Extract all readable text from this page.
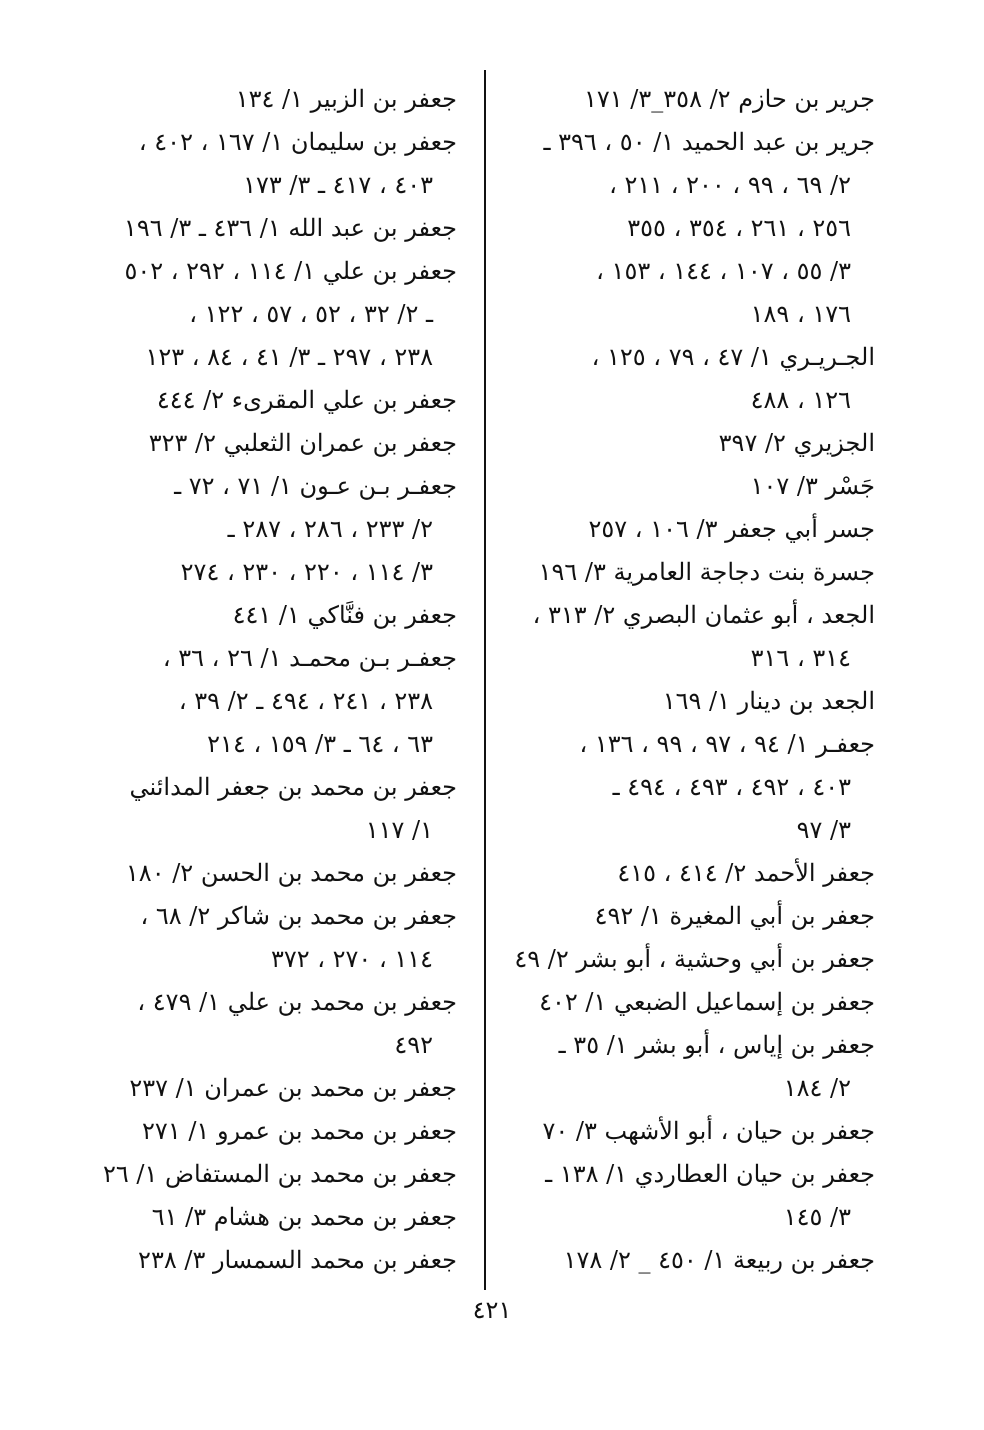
جرير بن حازم ٢/ ٣٥٨_٣/ ١٧١
جرير بن عبد الحميد ١/ ٥٠ ، ٣٩٦ ـ
٢/ ٦٩ ، ٩٩ ، ٢٠٠ ، ٢١١ ،
٢٥٦ ، ٢٦١ ، ٣٥٤ ، ٣٥٥
٣/ ٥٥ ، ١٠٧ ، ١٤٤ ، ١٥٣ ،
١٧٦ ، ١٨٩
الجـريـري ١/ ٤٧ ، ٧٩ ، ١٢٥ ،
١٢٦ ، ٤٨٨
الجزيري ٢/ ٣٩٧
جَسْر ٣/ ١٠٧
جسر أبي جعفر ٣/ ١٠٦ ، ٢٥٧
جسرة بنت دجاجة العامرية ٣/ ١٩٦
الجعد ، أبو عثمان البصري ٢/ ٣١٣ ،
٣١٤ ، ٣١٦
الجعد بن دينار ١/ ١٦٩
جعفـر ١/ ٩٤ ، ٩٧ ، ٩٩ ، ١٣٦ ،
٤٠٣ ، ٤٩٢ ، ٤٩٣ ، ٤٩٤ ـ
٣/ ٩٧
جعفر الأحمد ٢/ ٤١٤ ، ٤١٥
جعفر بن أبي المغيرة ١/ ٤٩٢
جعفر بن أبي وحشية ، أبو بشر ٢/ ٤٩
جعفر بن إسماعيل الضبعي ١/ ٤٠٢
جعفر بن إياس ، أبو بشر ١/ ٣٥ ـ
٢/ ١٨٤
جعفر بن حيان ، أبو الأشهب ٣/ ٧٠
جعفر بن حيان العطاردي ١/ ١٣٨ ـ
٣/ ١٤٥
جعفر بن ربيعة ١/ ٤٥٠ _ ٢/ ١٧٨
جعفر بن الزبير ١/ ١٣٤
جعفر بن سليمان ١/ ١٦٧ ، ٤٠٢ ،
٤٠٣ ، ٤١٧ ـ ٣/ ١٧٣
جعفر بن عبد الله ١/ ٤٣٦ ـ ٣/ ١٩٦
جعفر بن علي ١/ ١١٤ ، ٢٩٢ ، ٥٠٢
ـ ٢/ ٣٢ ، ٥٢ ، ٥٧ ، ١٢٢ ،
٢٣٨ ، ٢٩٧ ـ ٣/ ٤١ ، ٨٤ ، ١٢٣
جعفر بن علي المقرىء ٢/ ٤٤٤
جعفر بن عمران الثعلبي ٢/ ٣٢٣
جعفـر بـن عـون ١/ ٧١ ، ٧٢ ـ
٢/ ٢٣٣ ، ٢٨٦ ، ٢٨٧ ـ
٣/ ١١٤ ، ٢٢٠ ، ٢٣٠ ، ٢٧٤
جعفر بن فنَّاكي ١/ ٤٤١
جعفـر بـن محمـد ١/ ٢٦ ، ٣٦ ،
٢٣٨ ، ٢٤١ ، ٤٩٤ ـ ٢/ ٣٩ ،
٦٣ ، ٦٤ ـ ٣/ ١٥٩ ، ٢١٤
جعفر بن محمد بن جعفر المدائني
١/ ١١٧
جعفر بن محمد بن الحسن ٢/ ١٨٠
جعفر بن محمد بن شاكر ٢/ ٦٨ ،
١١٤ ، ٢٧٠ ، ٣٧٢
جعفر بن محمد بن علي ١/ ٤٧٩ ،
٤٩٢
جعفر بن محمد بن عمران ١/ ٢٣٧
جعفر بن محمد بن عمرو ١/ ٢٧١
جعفر بن محمد بن المستفاض ١/ ٢٦
جعفر بن محمد بن هشام ٣/ ٦١
جعفر بن محمد السمسار ٣/ ٢٣٨
٤٢١
